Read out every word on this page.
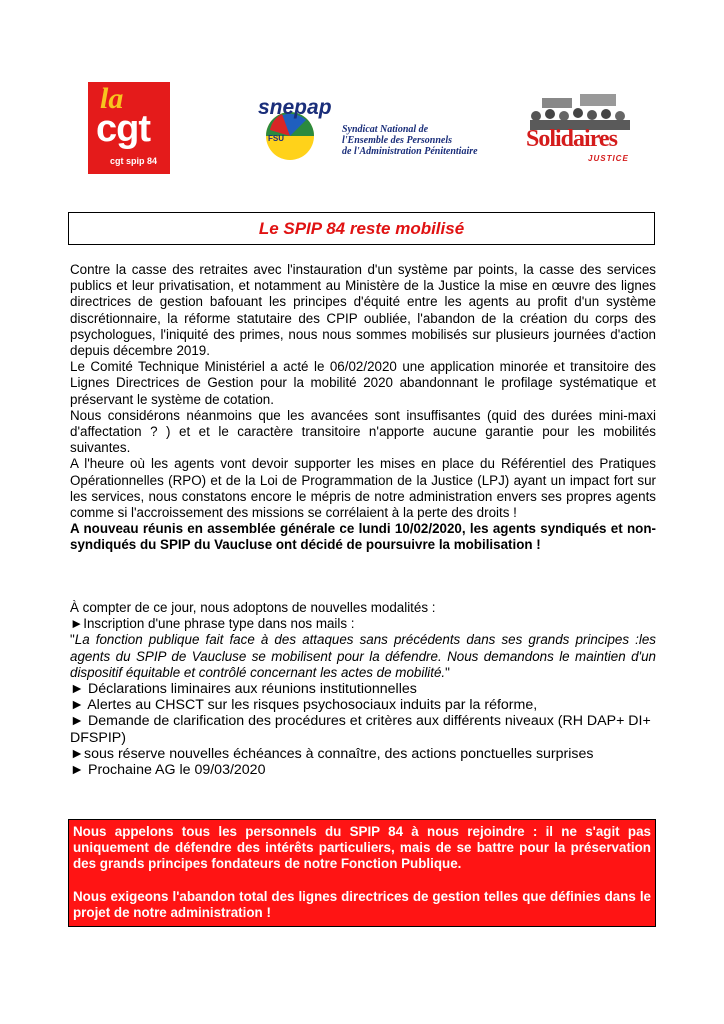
la
cgt
cgt spip 84
snepap
FSU
Syndicat National de
l'Ensemble des Personnels
de l'Administration Pénitentiaire	Solidaires
JUSTICE
Le SPIP 84 reste mobilisé

Contre la casse des retraites avec l'instauration d'un système par points, la casse des services publics et leur privatisation, et notamment au Ministère de la Justice la mise en œuvre des lignes directrices de gestion bafouant les principes d'équité entre les agents au profit d'un système discrétionnaire, la réforme statutaire des CPIP oubliée, l'abandon de la création du corps des psychologues, l'iniquité des primes, nous nous sommes mobilisés sur plusieurs journées d'action depuis décembre 2019.

Le Comité Technique Ministériel a acté le 06/02/2020 une application minorée et transitoire des Lignes Directrices de Gestion pour la mobilité 2020 abandonnant le profilage systématique et préservant le système de cotation.

Nous considérons néanmoins que les avancées sont insuffisantes (quid des durées mini-maxi d'affectation ? ) et et le caractère transitoire n'apporte aucune garantie pour les mobilités suivantes.

A l'heure où les agents vont devoir supporter les mises en place du Référentiel des Pratiques Opérationnelles (RPO) et de la Loi de Programmation de la Justice (LPJ) ayant un impact fort sur les services, nous constatons encore le mépris de notre administration envers ses propres agents comme si l'accroissement des missions se corrélaient à la perte des droits !

A nouveau réunis en assemblée générale ce lundi 10/02/2020, les agents syndiqués et non-syndiqués du SPIP du Vaucluse ont décidé de poursuivre la mobilisation !

À compter de ce jour, nous adoptons de nouvelles modalités :

►Inscription d'une phrase type dans nos mails :

"La fonction publique fait face à des attaques sans précédents dans ses grands principes :les agents du SPIP de Vaucluse se mobilisent pour la défendre. Nous demandons le maintien d'un dispositif équitable et contrôlé concernant les actes de mobilité."

► Déclarations liminaires aux réunions institutionnelles

► Alertes au CHSCT sur les risques psychosociaux induits par la réforme,

► Demande de clarification des procédures et critères aux différents niveaux (RH DAP+ DI+ DFSPIP)

►sous réserve nouvelles échéances à connaître, des actions ponctuelles surprises

► Prochaine AG le 09/03/2020

Nous appelons tous les personnels du SPIP 84 à nous rejoindre : il ne s'agit pas uniquement de défendre des intérêts particuliers, mais de se battre pour la préservation des grands principes fondateurs de notre Fonction Publique.

Nous exigeons l'abandon total des lignes directrices de gestion telles que définies dans le projet de notre administration !
